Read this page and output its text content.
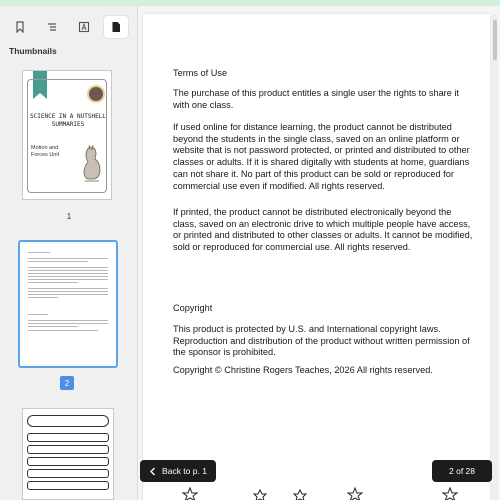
Thumbnails
SCIENCE IN A NUTSHELL SUMMARIES
Motion and Forces Unit
1
2
Terms of Use
The purchase of this product entitles a single user the rights to share it with one class.
If used online for distance learning, the product cannot be distributed beyond the students in the single class, saved on an online platform or website that is not password protected, or printed and distributed to other classes or adults. If it is shared digitally with students at home, guardians can not share it. No part of this product can be sold or reproduced for commercial use even if modified. All rights reserved.
If printed, the product cannot be distributed electronically beyond the class, saved on an electronic drive to which multiple people have access, or printed and distributed to other classes or adults. It cannot be modified, sold or reproduced for commercial use. All rights reserved.
Copyright
This product is protected by U.S. and International copyright laws. Reproduction and distribution of the product without written permission of the sponsor is prohibited.
Copyright © Christine Rogers Teaches, 2026 All rights reserved.
Back to p. 1	2 of 28
